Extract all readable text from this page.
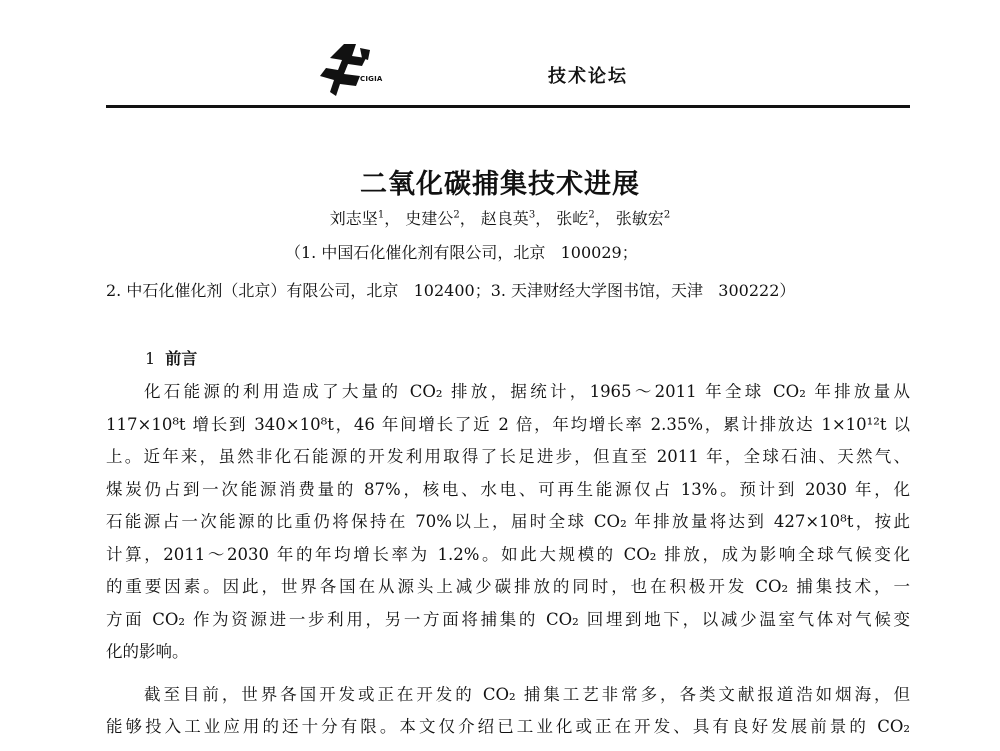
CIGIA	技术论坛
二氧化碳捕集技术进展
刘志坚$^1$， 史建公$^2$， 赵良英$^3$， 张屹$^2$， 张敏宏$^2$
（1. 中国石化催化剂有限公司，北京   100029；
2. 中石化催化剂（北京）有限公司，北京   102400；3. 天津财经大学图书馆，天津   300222）
1 前言
化石能源的利用造成了大量的 CO₂ 排放，据统计，1965～2011 年全球 CO₂ 年排放量从
117×10⁸t 增长到 340×10⁸t，46 年间增长了近 2 倍，年均增长率 2.35%，累计排放达 1×10¹²t 以
上。近年来，虽然非化石能源的开发利用取得了长足进步，但直至 2011 年，全球石油、天然气、
煤炭仍占到一次能源消费量的 87%，核电、水电、可再生能源仅占 13%。预计到 2030 年，化
石能源占一次能源的比重仍将保持在 70%以上，届时全球 CO₂ 年排放量将达到 427×10⁸t，按此
计算，2011～2030 年的年均增长率为 1.2%。如此大规模的 CO₂ 排放，成为影响全球气候变化
的重要因素。因此，世界各国在从源头上减少碳排放的同时，也在积极开发 CO₂ 捕集技术，一
方面 CO₂ 作为资源进一步利用，另一方面将捕集的 CO₂ 回埋到地下，以减少温室气体对气候变
化的影响。
截至目前，世界各国开发或正在开发的 CO₂ 捕集工艺非常多，各类文献报道浩如烟海，但
能够投入工业应用的还十分有限。本文仅介绍已工业化或正在开发、具有良好发展前景的 CO₂
